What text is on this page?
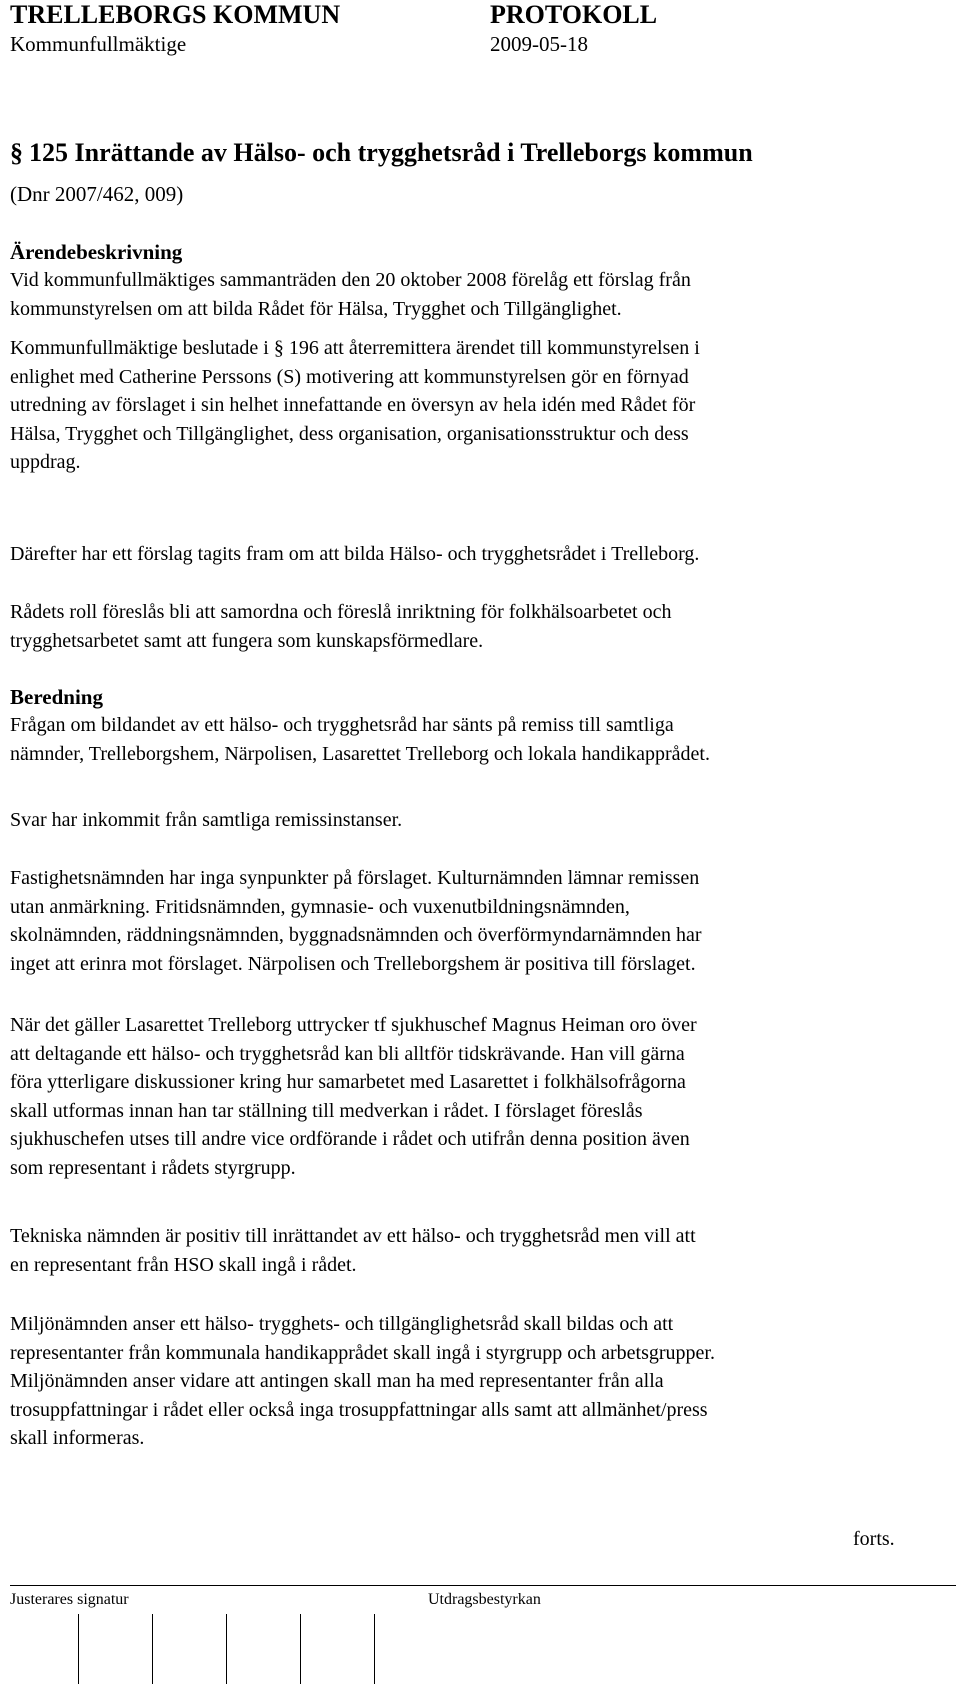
TRELLEBORGS KOMMUN	PROTOKOLL
Kommunfullmäktige	2009-05-18
§ 125 Inrättande av Hälso- och trygghetsråd i Trelleborgs kommun
(Dnr 2007/462, 009)
Ärendebeskrivning
Vid kommunfullmäktiges sammanträden den 20 oktober 2008 förelåg ett förslag från
kommunstyrelsen om att bilda Rådet för Hälsa, Trygghet och Tillgänglighet.
Kommunfullmäktige beslutade i § 196 att återremittera ärendet till kommunstyrelsen i
enlighet med Catherine Perssons (S) motivering att kommunstyrelsen gör en förnyad
utredning av förslaget i sin helhet innefattande en översyn av hela idén med Rådet för
Hälsa, Trygghet och Tillgänglighet, dess organisation, organisationsstruktur och dess
uppdrag.
Därefter har ett förslag tagits fram om att bilda Hälso- och trygghetsrådet i Trelleborg.
Rådets roll föreslås bli att samordna och föreslå inriktning för folkhälsoarbetet och
trygghetsarbetet samt att fungera som kunskapsförmedlare.
Beredning
Frågan om bildandet av ett hälso- och trygghetsråd har sänts på remiss till samtliga
nämnder, Trelleborgshem, Närpolisen, Lasarettet Trelleborg och lokala handikapprådet.
Svar har inkommit från samtliga remissinstanser.
Fastighetsnämnden har inga synpunkter på förslaget. Kulturnämnden lämnar remissen
utan anmärkning. Fritidsnämnden, gymnasie- och vuxenutbildningsnämnden,
skolnämnden, räddningsnämnden, byggnadsnämnden och överförmyndarnämnden har
inget att erinra mot förslaget. Närpolisen och Trelleborgshem är positiva till förslaget.
När det gäller Lasarettet Trelleborg uttrycker tf sjukhuschef Magnus Heiman oro över
att deltagande ett hälso- och trygghetsråd kan bli alltför tidskrävande. Han vill gärna
föra ytterligare diskussioner kring hur samarbetet med Lasarettet i folkhälsofrågorna
skall utformas innan han tar ställning till medverkan i rådet. I förslaget föreslås
sjukhuschefen utses till andre vice ordförande i rådet och utifrån denna position även
som representant i rådets styrgrupp.
Tekniska nämnden är positiv till inrättandet av ett hälso- och trygghetsråd men vill att
en representant från HSO skall ingå i rådet.
Miljönämnden anser ett hälso- trygghets- och tillgänglighetsråd skall bildas och att
representanter från kommunala handikapprådet skall ingå i styrgrupp och arbetsgrupper.
Miljönämnden anser vidare att antingen skall man ha med representanter från alla
trosuppfattningar i rådet eller också inga trosuppfattningar alls samt att allmänhet/press
skall informeras.
forts.
Justerares signatur	Utdragsbestyrkan
